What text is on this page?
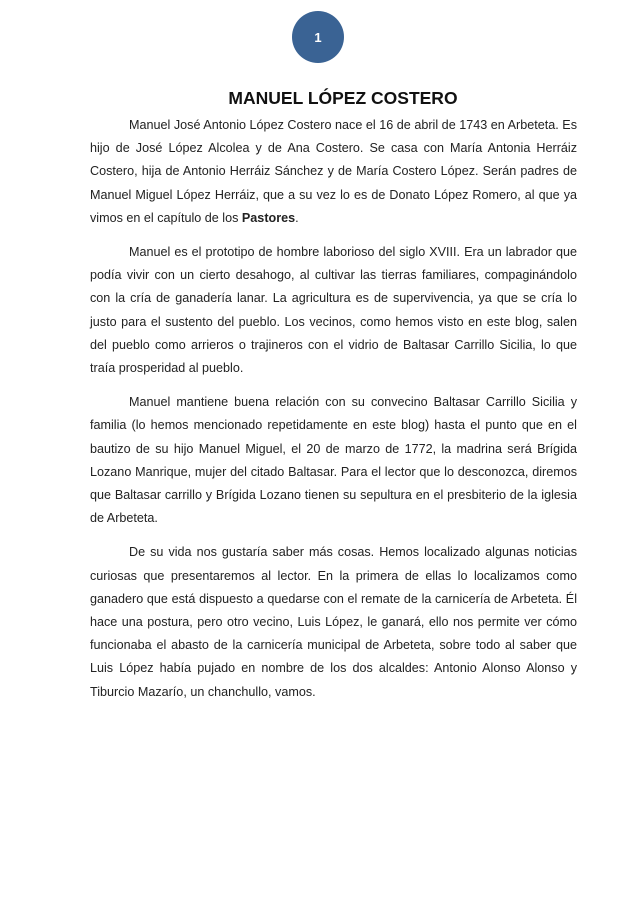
1
MANUEL LÓPEZ COSTERO

Manuel José Antonio López Costero nace el 16 de abril de 1743 en Arbeteta. Es hijo de José López Alcolea y de Ana Costero. Se casa con María Antonia Herráiz Costero, hija de Antonio Herráiz Sánchez y de María Costero López. Serán padres de Manuel Miguel López Herráiz, que a su vez lo es de Donato López Romero, al que ya vimos en el capítulo de los Pastores.

Manuel es el prototipo de hombre laborioso del siglo XVIII. Era un labrador que podía vivir con un cierto desahogo, al cultivar las tierras familiares, compaginándolo con la cría de ganadería lanar. La agricultura es de supervivencia, ya que se cría lo justo para el sustento del pueblo. Los vecinos, como hemos visto en este blog, salen del pueblo como arrieros o trajineros con el vidrio de Baltasar Carrillo Sicilia, lo que traía prosperidad al pueblo.

Manuel mantiene buena relación con su convecino Baltasar Carrillo Sicilia y familia (lo hemos mencionado repetidamente en este blog) hasta el punto que en el bautizo de su hijo Manuel Miguel, el 20 de marzo de 1772, la madrina será Brígida Lozano Manrique, mujer del citado Baltasar. Para el lector que lo desconozca, diremos que Baltasar carrillo y Brígida Lozano tienen su sepultura en el presbiterio de la iglesia de Arbeteta.

De su vida nos gustaría saber más cosas. Hemos localizado algunas noticias curiosas que presentaremos al lector. En la primera de ellas lo localizamos como ganadero que está dispuesto a quedarse con el remate de la carnicería de Arbeteta. Él hace una postura, pero otro vecino, Luis López, le ganará, ello nos permite ver cómo funcionaba el abasto de la carnicería municipal de Arbeteta, sobre todo al saber que Luis López había pujado en nombre de los dos alcaldes: Antonio Alonso Alonso y Tiburcio Mazarío, un chanchullo, vamos.
